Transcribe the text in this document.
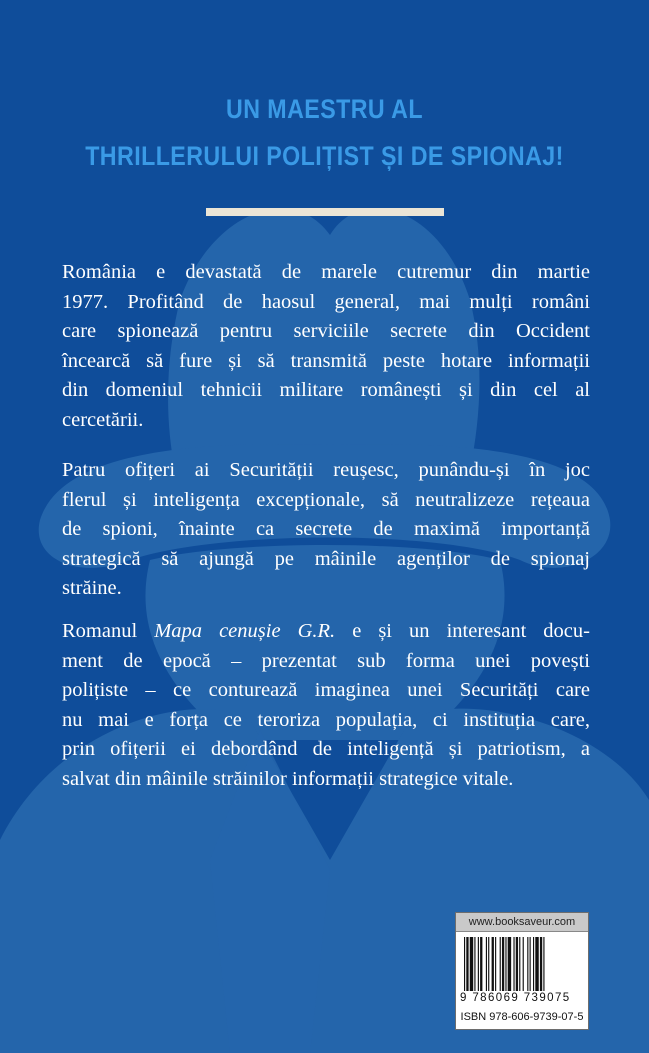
UN MAESTRU AL
THRILLERULUI POLIȚIST ȘI DE SPIONAJ!
România e devastată de marele cutremur din martie
1977. Profitând de haosul general, mai mulți români
care spionează pentru serviciile secrete din Occident
încearcă să fure și să transmită peste hotare informații
din domeniul tehnicii militare românești și din cel al
cercetării.
Patru ofițeri ai Securității reușesc, punându-și în joc
flerul și inteligența excepționale, să neutralizeze rețeaua
de spioni, înainte ca secrete de maximă importanță
strategică să ajungă pe mâinile agenților de spionaj
străine.
Romanul Mapa cenușie G.R. e și un interesant docu-
ment de epocă – prezentat sub forma unei povești
polițiste – ce conturează imaginea unei Securități care
nu mai e forța ce teroriza populația, ci instituția care,
prin ofițerii ei debordând de inteligență și patriotism, a
salvat din mâinile străinilor informații strategice vitale.
www.booksaveur.com
9 786069 739075
ISBN 978-606-9739-07-5
